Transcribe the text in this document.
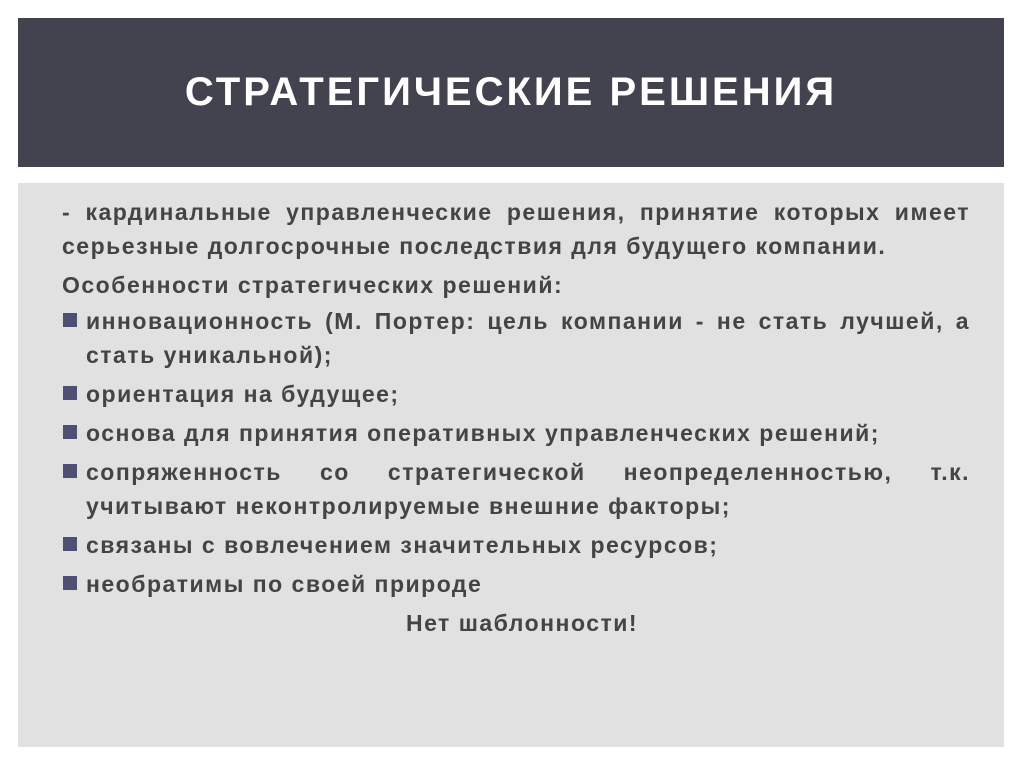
СТРАТЕГИЧЕСКИЕ РЕШЕНИЯ

- кардинальные управленческие решения, принятие которых имеет серьезные долгосрочные последствия для будущего компании.

Особенности стратегических решений:

инновационность (М. Портер: цель компании - не стать лучшей, а стать уникальной);
ориентация на будущее;
основа для принятия оперативных управленческих решений;
сопряженность со стратегической неопределенностью, т.к. учитывают неконтролируемые внешние факторы;
связаны с вовлечением значительных ресурсов;
необратимы по своей природе

Нет шаблонности!
